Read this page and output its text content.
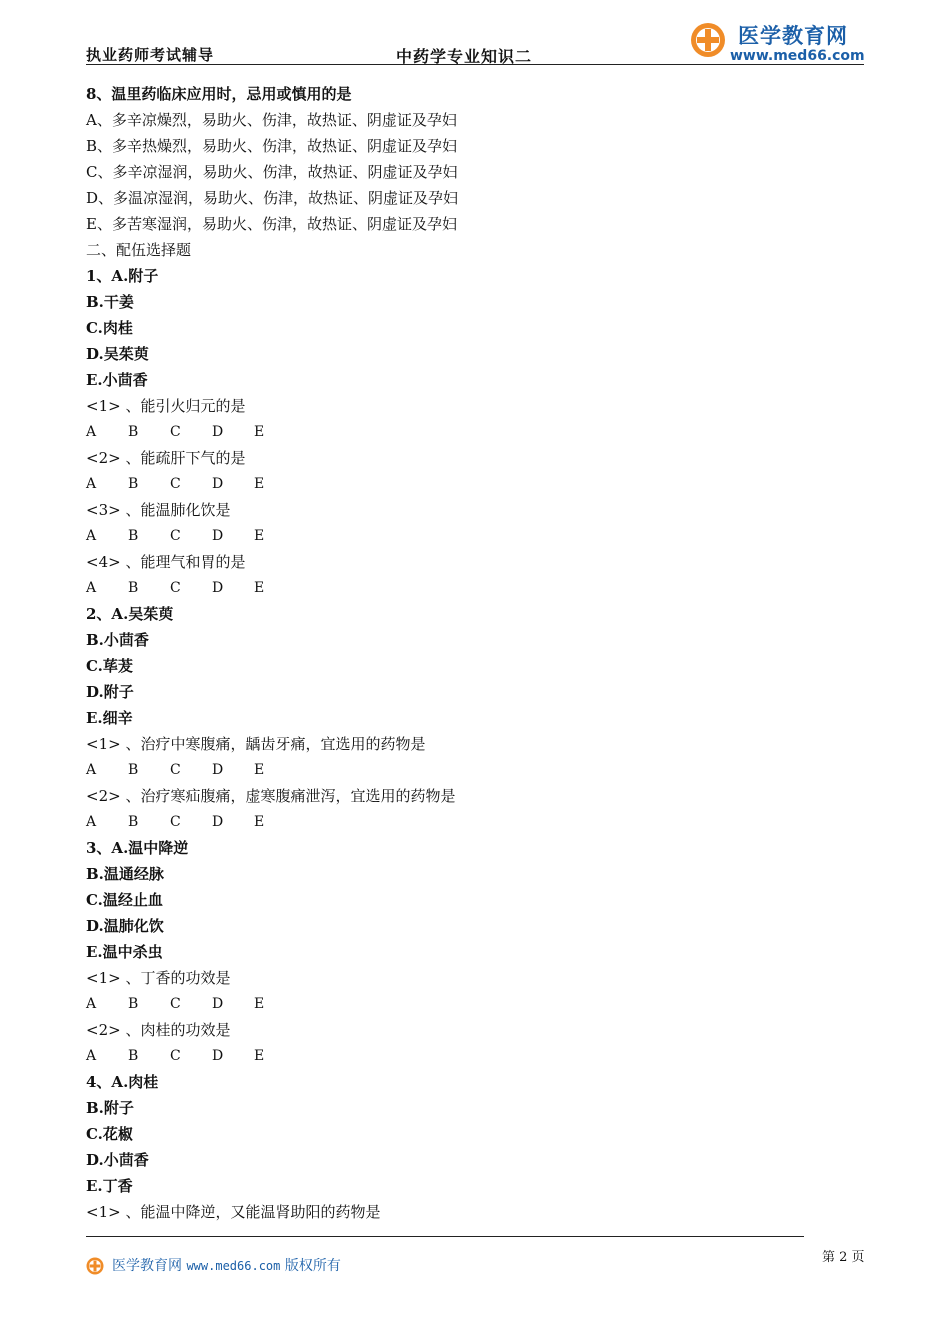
执业药师考试辅导	中药学专业知识二
医学教育网
www.med66.com
8、温里药临床应用时，忌用或慎用的是
A、多辛凉燥烈，易助火、伤津，故热证、阴虚证及孕妇
B、多辛热燥烈，易助火、伤津，故热证、阴虚证及孕妇
C、多辛凉湿润，易助火、伤津，故热证、阴虚证及孕妇
D、多温凉湿润，易助火、伤津，故热证、阴虚证及孕妇
E、多苦寒湿润，易助火、伤津，故热证、阴虚证及孕妇
二、配伍选择题
1、A.附子
B.干姜
C.肉桂
D.吴茱萸
E.小茴香
<1> 、能引火归元的是
A B C D E
<2> 、能疏肝下气的是
A B C D E
<3> 、能温肺化饮是
A B C D E
<4> 、能理气和胃的是
A B C D E
2、A.吴茱萸
B.小茴香
C.荜茇
D.附子
E.细辛
<1> 、治疗中寒腹痛，龋齿牙痛，宜选用的药物是
A B C D E
<2> 、治疗寒疝腹痛，虚寒腹痛泄泻，宜选用的药物是
A B C D E
3、A.温中降逆
B.温通经脉
C.温经止血
D.温肺化饮
E.温中杀虫
<1> 、丁香的功效是
A B C D E
<2> 、肉桂的功效是
A B C D E
4、A.肉桂
B.附子
C.花椒
D.小茴香
E.丁香
<1> 、能温中降逆，又能温肾助阳的药物是
医学教育网 www.med66.com 版权所有
第 2 页
